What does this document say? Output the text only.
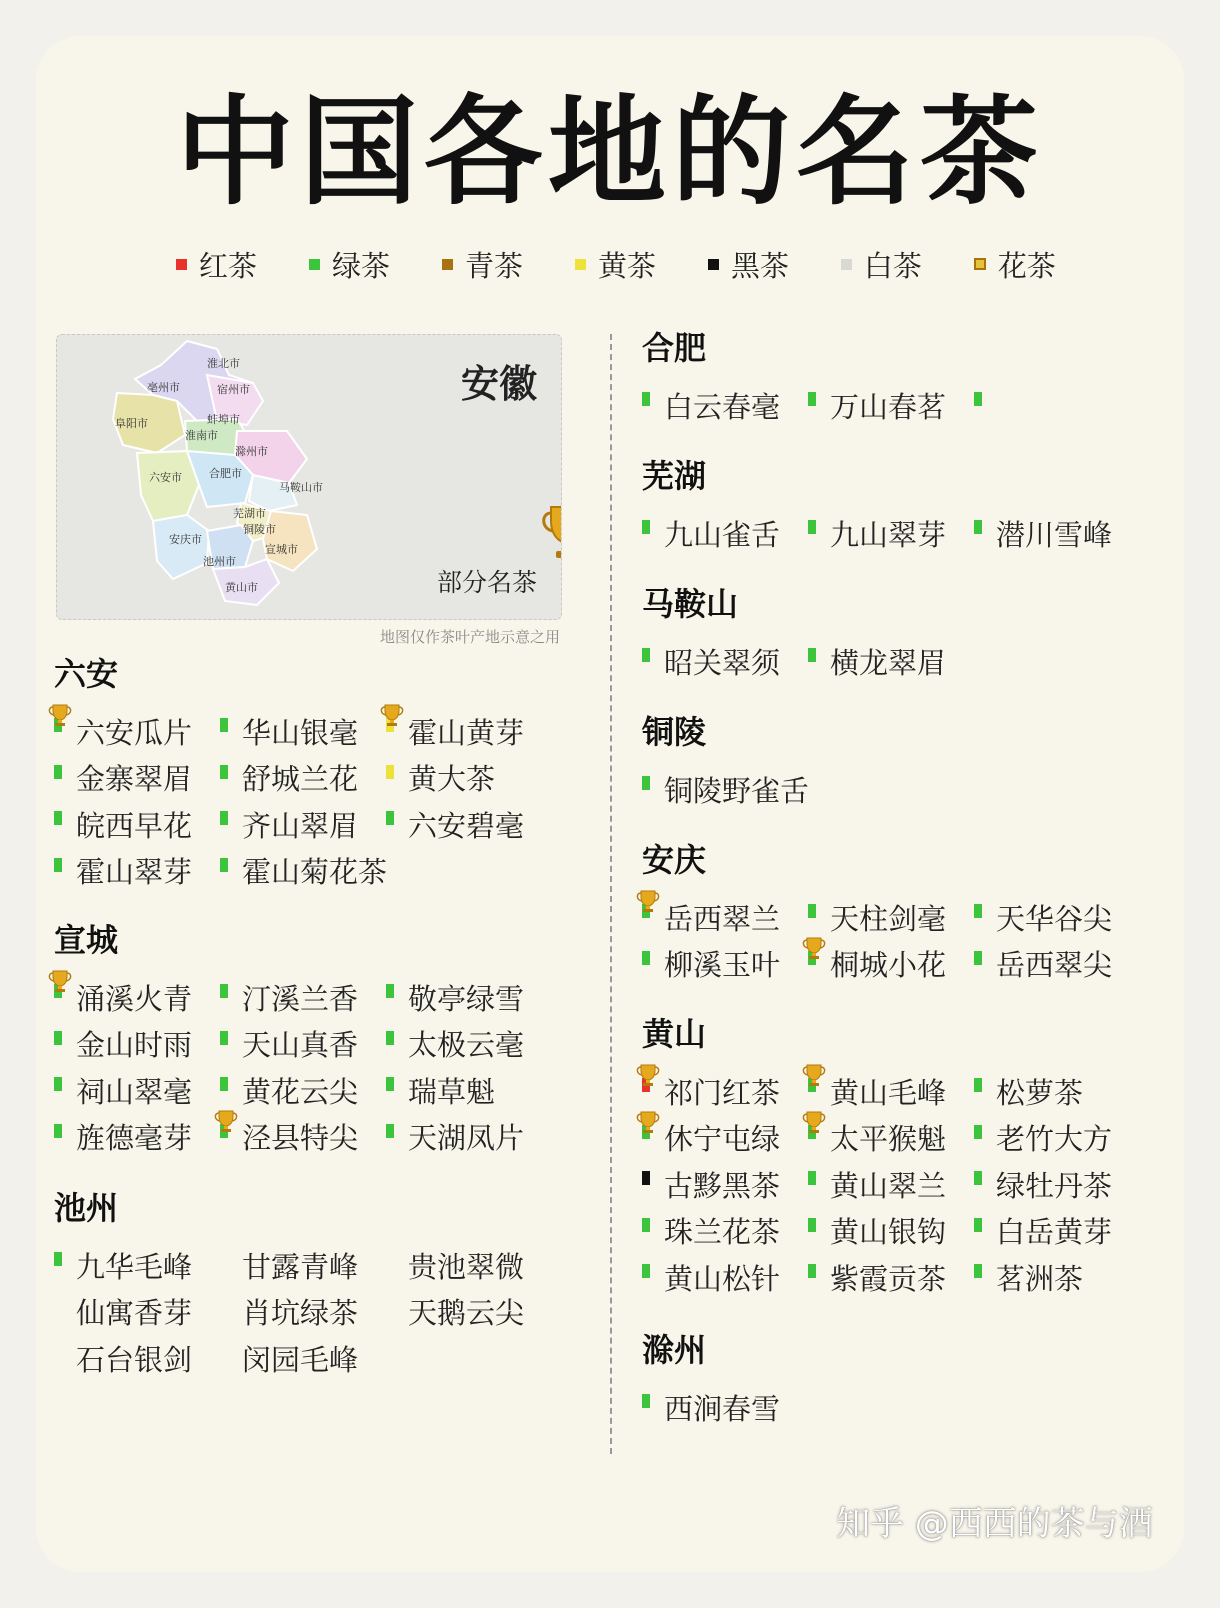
中国各地的名茶
红茶	绿茶	青茶	黄茶	黑茶	白茶	花茶
淮北市
亳州市	宿州市
阜阳市	蚌埠市
淮南市
滁州市
六安市 合肥市
马鞍山市
芜湖市
铜陵市
安庆市
宣城市
池州市
黄山市
安徽
部分名茶
地图仅作茶叶产地示意之用
六安
六安瓜片 华山银毫 霍山黄芽
金寨翠眉 舒城兰花 黄大茶
皖西早花 齐山翠眉 六安碧毫
霍山翠芽 霍山菊花茶
宣城
涌溪火青 汀溪兰香 敬亭绿雪
金山时雨 天山真香 太极云毫
祠山翠毫 黄花云尖 瑞草魁
旌德毫芽 泾县特尖 天湖凤片
池州
九华毛峰 甘露青峰 贵池翠微
仙寓香芽 肖坑绿茶 天鹅云尖
石台银剑 闵园毛峰
合肥
白云春毫 万山春茗
芜湖
九山雀舌 九山翠芽 潜川雪峰
马鞍山
昭关翠须 横龙翠眉
铜陵
铜陵野雀舌
安庆
岳西翠兰 天柱剑毫 天华谷尖
柳溪玉叶 桐城小花 岳西翠尖
黄山
祁门红茶 黄山毛峰 松萝茶
休宁屯绿 太平猴魁 老竹大方
古黟黑茶 黄山翠兰 绿牡丹茶
珠兰花茶 黄山银钩 白岳黄芽
黄山松针 紫霞贡茶 茗洲茶
滁州
西涧春雪
知乎 @西西的茶与酒
